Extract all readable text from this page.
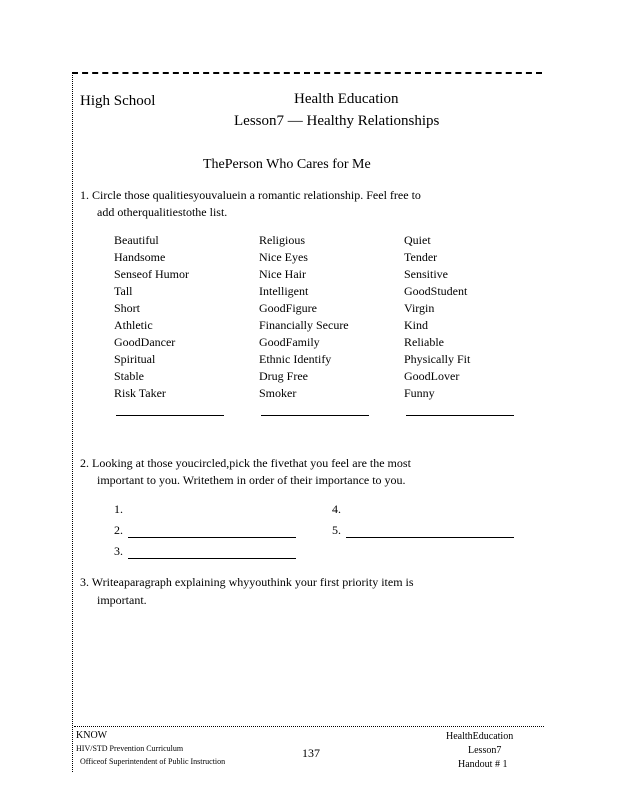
High School	Health Education
Lesson7 — Healthy Relationships
ThePerson Who Cares for Me
1. Circle those qualitiesyouvaluein a romantic relationship. Feel free to
add otherqualitiestothe list.
Beautiful
Handsome
Senseof Humor
Tall
Short
Athletic
GoodDancer
Spiritual
Stable
Risk Taker
Religious
Nice Eyes
Nice Hair
Intelligent
GoodFigure
Financially Secure
GoodFamily
Ethnic Identify
Drug Free
Smoker
Quiet
Tender
Sensitive
GoodStudent
Virgin
Kind
Reliable
Physically Fit
GoodLover
Funny
2. Looking at those youcircled,pick the fivethat you feel are the most
important to you. Writethem in order of their importance to you.
1.
2.
3.
4.
5.
3. Writeaparagraph explaining whyyouthink your first priority item is
important.
KNOW
HIV/STD Prevention Curriculum
Officeof Superintendent of Public Instruction
137
HealthEducation
Lesson7
Handout # 1
